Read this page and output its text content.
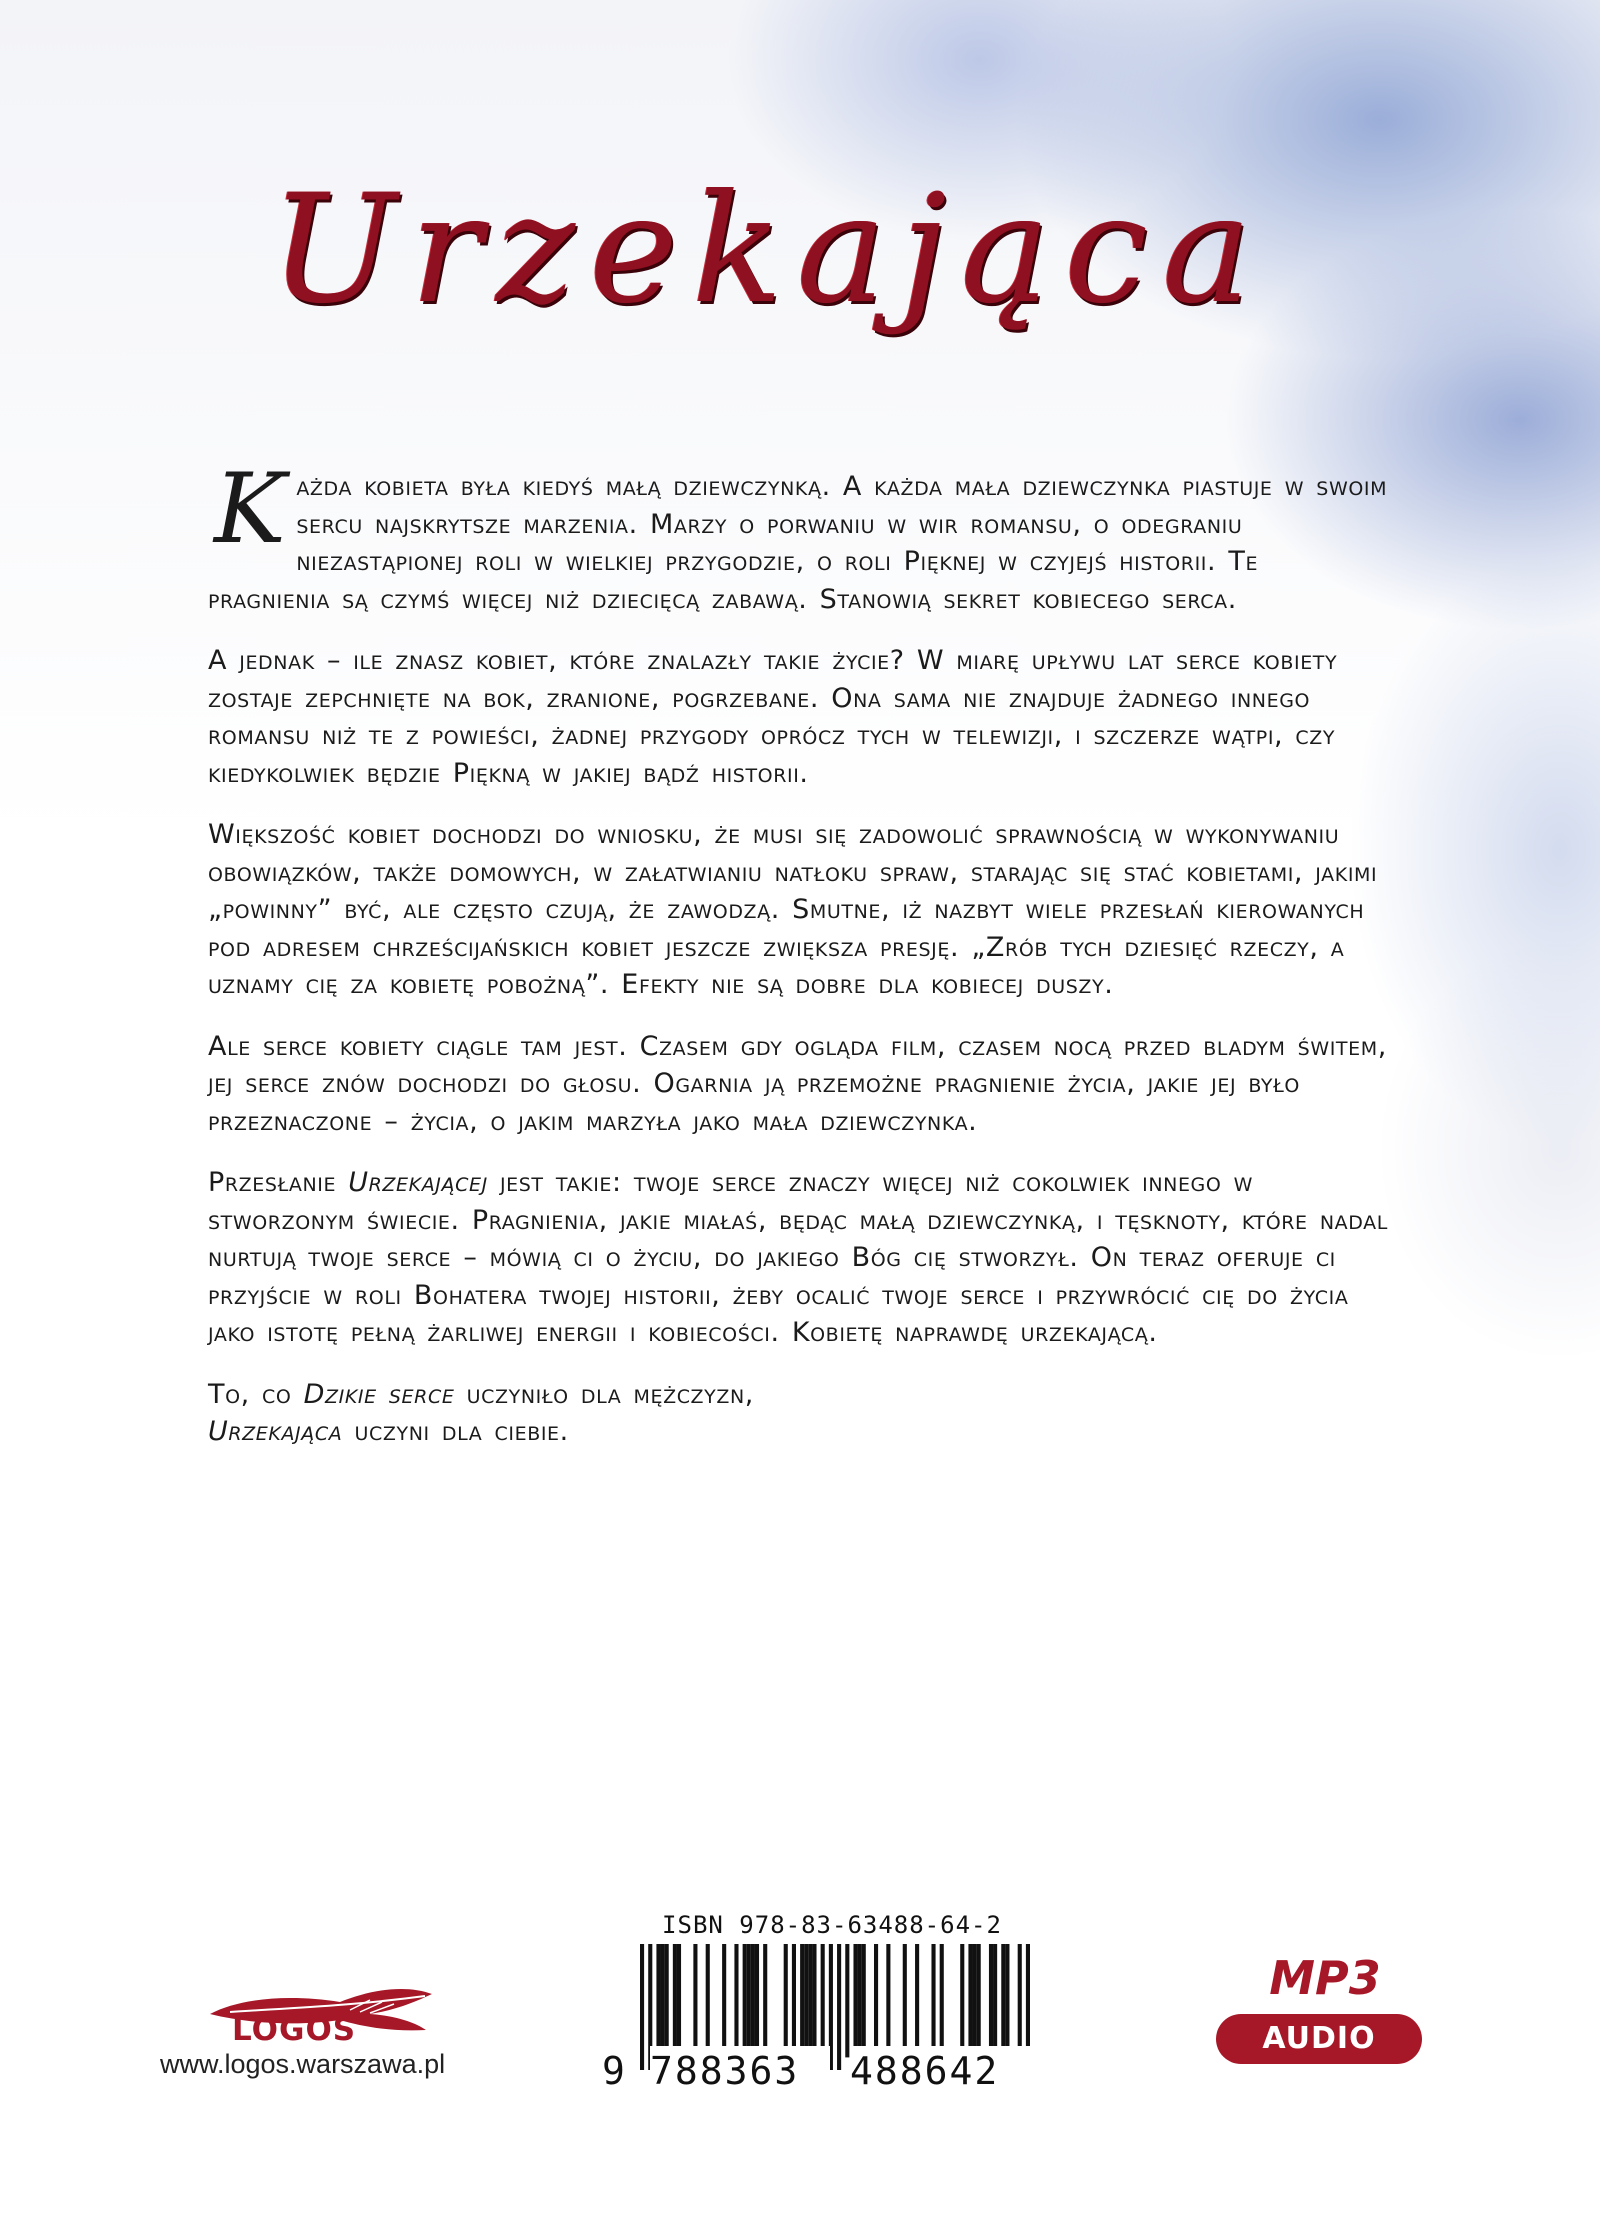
Urzekająca

Każda kobieta była kiedyś małą dziewczynką. A każda mała dziewczynka piastuje w swoim sercu najskrytsze marzenia. Marzy o porwaniu w wir romansu, o odegraniu niezastąpionej roli w wielkiej przygodzie, o roli Pięknej w czyjejś historii. Te pragnienia są czymś więcej niż dziecięcą zabawą. Stanowią sekret kobiecego serca.

A jednak – ile znasz kobiet, które znalazły takie życie? W miarę upływu lat serce kobiety zostaje zepchnięte na bok, zranione, pogrzebane. Ona sama nie znajduje żadnego innego romansu niż te z powieści, żadnej przygody oprócz tych w telewizji, i szczerze wątpi, czy kiedykolwiek będzie Piękną w jakiej bądź historii.

Większość kobiet dochodzi do wniosku, że musi się zadowolić sprawnością w wykonywaniu obowiązków, także domowych, w załatwianiu natłoku spraw, starając się stać kobietami, jakimi „powinny” być, ale często czują, że zawodzą. Smutne, iż nazbyt wiele przesłań kierowanych pod adresem chrześcijańskich kobiet jeszcze zwiększa presję. „Zrób tych dziesięć rzeczy, a uznamy cię za kobietę pobożną”. Efekty nie są dobre dla kobiecej duszy.

Ale serce kobiety ciągle tam jest. Czasem gdy ogląda film, czasem nocą przed bladym świtem, jej serce znów dochodzi do głosu. Ogarnia ją przemożne pragnienie życia, jakie jej było przeznaczone – życia, o jakim marzyła jako mała dziewczynka.

Przesłanie Urzekającej jest takie: twoje serce znaczy więcej niż cokolwiek innego w stworzonym świecie. Pragnienia, jakie miałaś, będąc małą dziewczynką, i tęsknoty, które nadal nurtują twoje serce – mówią ci o życiu, do jakiego Bóg cię stworzył. On teraz oferuje ci przyjście w roli Bohatera twojej historii, żeby ocalić twoje serce i przywrócić cię do życia jako istotę pełną żarliwej energii i kobiecości. Kobietę naprawdę urzekającą.

To, co Dzikie serce uczyniło dla mężczyzn,
Urzekająca uczyni dla ciebie.

LOGOS
www.logos.warszawa.pl
ISBN 978-83-63488-64-2
9 788363	488642
MP3
AUDIO
